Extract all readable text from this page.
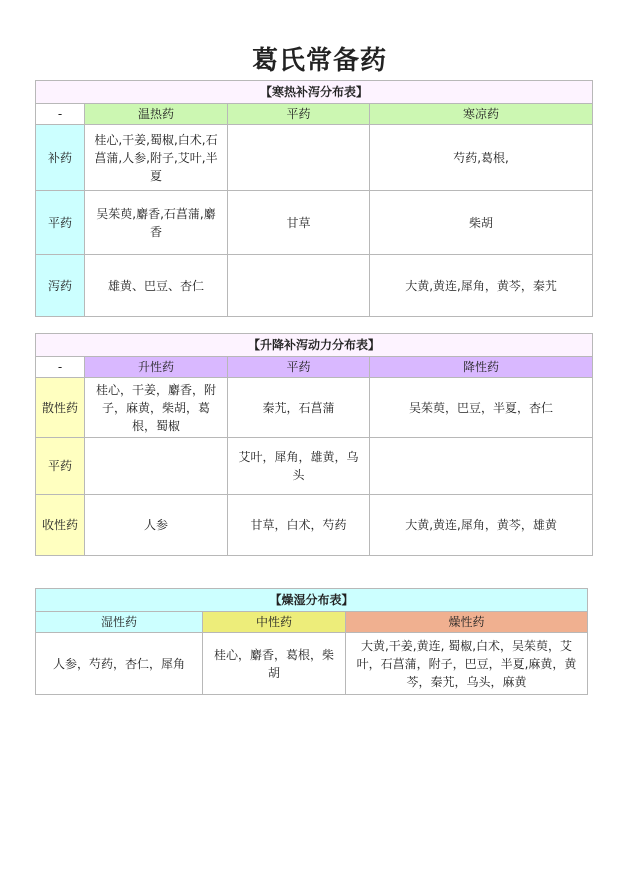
葛氏常备药
【寒热补泻分布表】			
-	温热药	平药	寒凉药
补药	桂心,干姜,蜀椒,白术,石菖蒲,人参,附子,艾叶,半夏		芍药,葛根,
平药	吴茱萸,麝香,石菖蒲,麝香	甘草	柴胡
泻药	雄黄、巴豆、杏仁		大黄,黄连,犀角，黄芩，秦艽
【升降补泻动力分布表】			
-	升性药	平药	降性药
散性药	桂心，干姜，麝香，附子，麻黄，柴胡，葛根，蜀椒	秦艽，石菖蒲	吴茱萸，巴豆，半夏，杏仁
平药		艾叶，犀角，雄黄，乌头	
收性药	人参	甘草，白术，芍药	大黄,黄连,犀角，黄芩，雄黄
【燥湿分布表】		
湿性药	中性药	燥性药
人参，芍药，杏仁，犀角	桂心，麝香，葛根，柴胡	大黄,干姜,黄连, 蜀椒,白术，吴茱萸，艾叶，石菖蒲，附子，巴豆，半夏,麻黄，黄芩，秦艽，乌头，麻黄
